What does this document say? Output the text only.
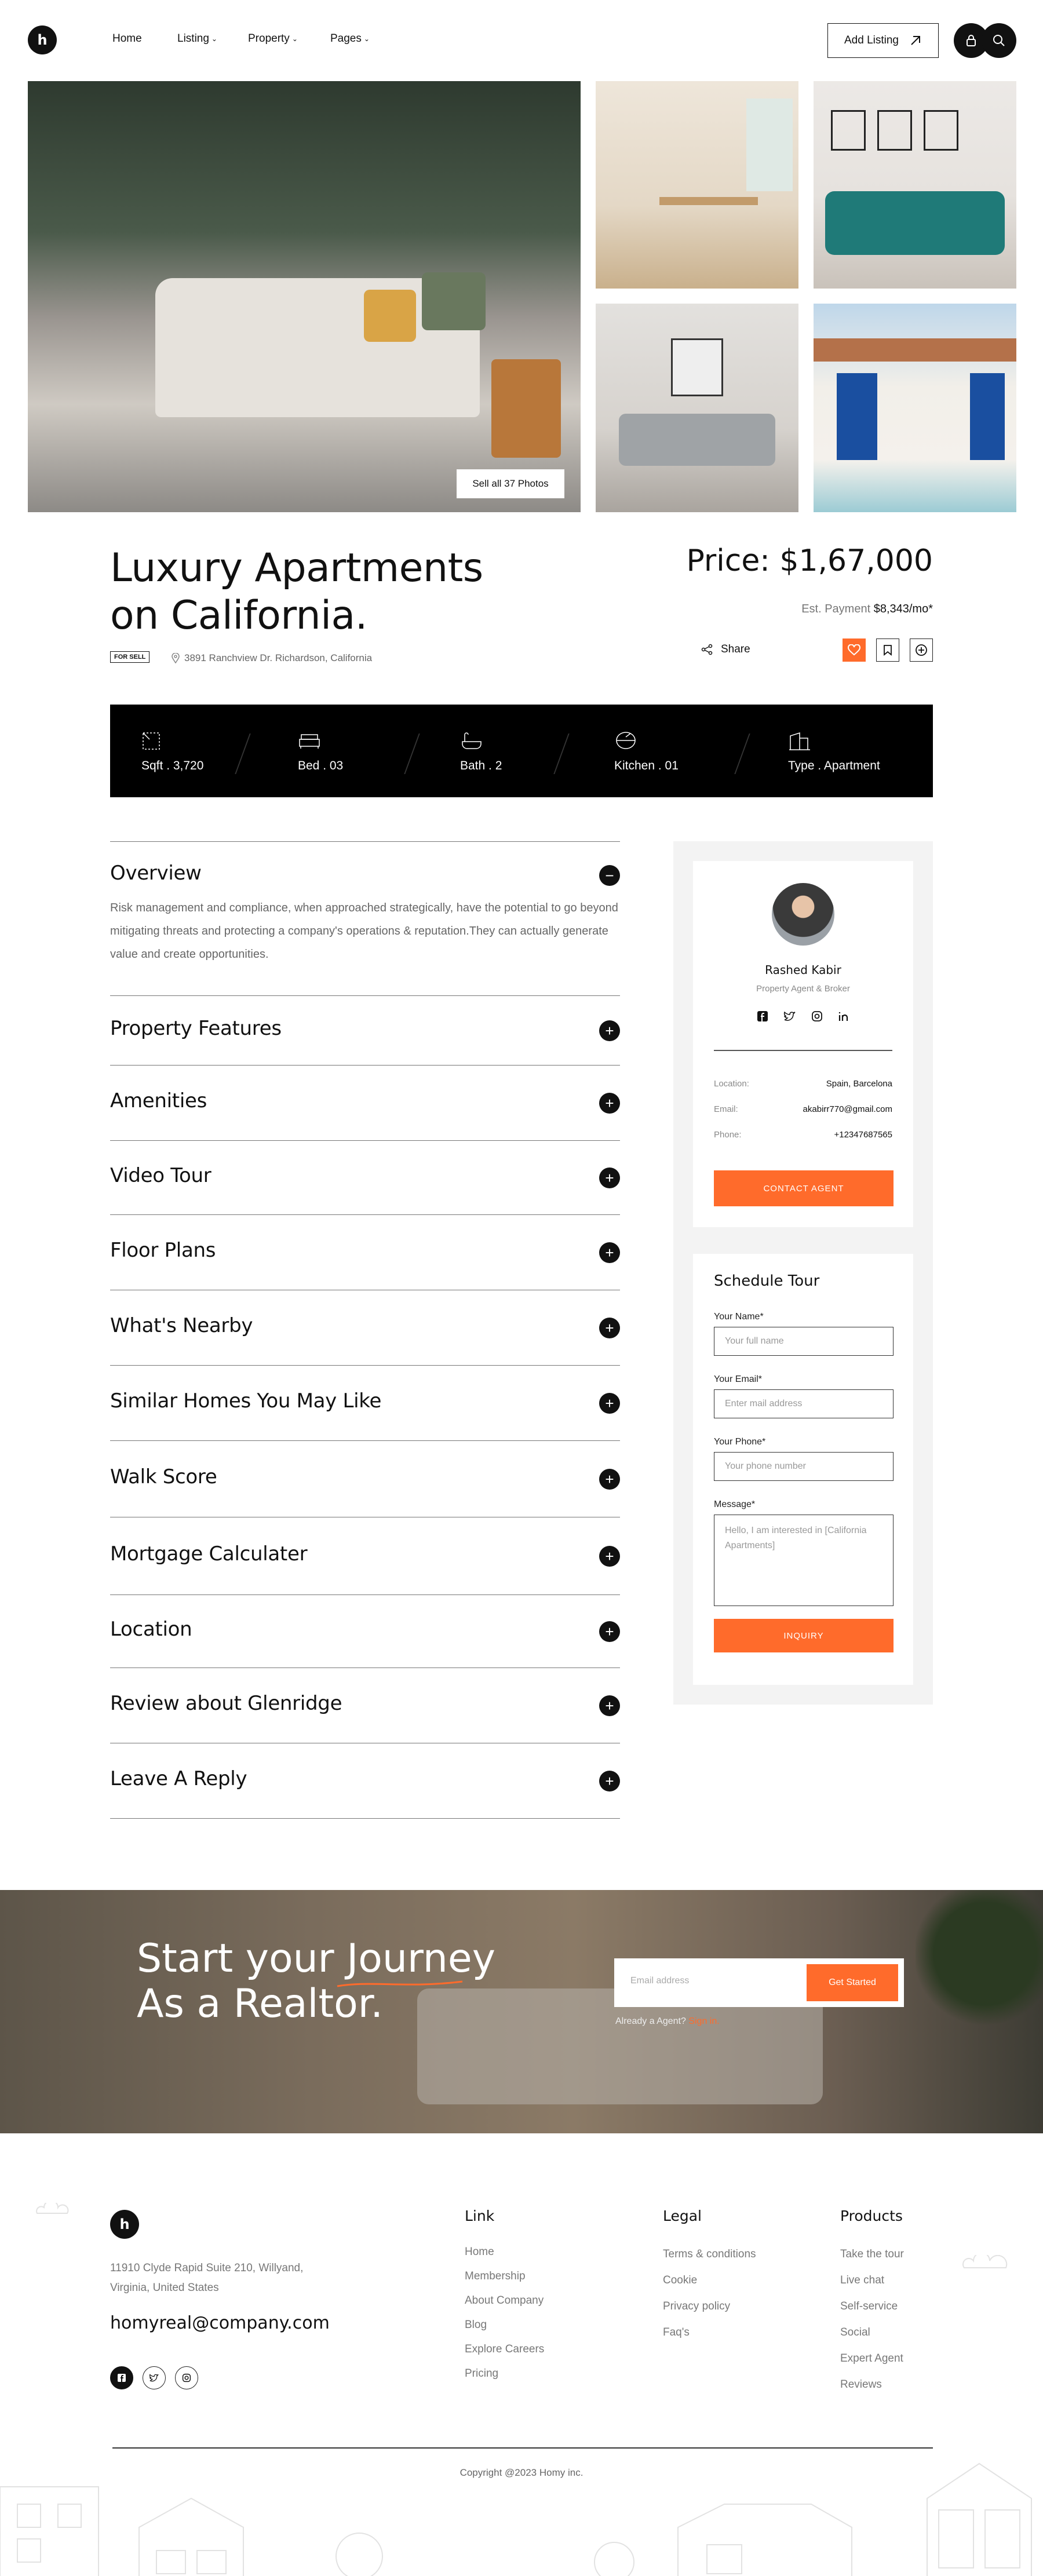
h	Home	Listing ⌄	Property ⌄	Pages ⌄	Add Listing
Sell all 37 Photos
Luxury Apartments
on California.
FOR SELL	3891 Ranchview Dr. Richardson, California
Price: $1,67,000
Est. Payment $8,343/mo*
Share
Sqft . 3,720	Bed . 03	Bath . 2	Kitchen . 01	Type . Apartment
Overview	−
Risk management and compliance, when approached strategically, have the potential to go beyond mitigating threats and protecting a company's operations & reputation.They can actually generate value and create opportunities.
Property Features	+
Amenities	+
Video Tour	+
Floor Plans	+
What's Nearby	+
Similar Homes You May Like	+
Walk Score	+
Mortgage Calculater	+
Location	+
Review about Glenridge	+
Leave A Reply	+
Rashed Kabir
Property Agent & Broker
Location:	Spain, Barcelona
Email:	akabirr770@gmail.com
Phone:	+12347687565
CONTACT AGENT
Schedule Tour
Your Name*
Your full name
Your Email*
Enter mail address
Your Phone*
Your phone number
Message*
Hello, I am interested in [California Apartments]
INQUIRY
Start your Journey
As a Realtor.
Email address	Get Started
Already a Agent? Sign in.
h
11910 Clyde Rapid Suite 210, Willyand,
Virginia, United States
homyreal@company.com
Link
Home
Membership
About Company
Blog
Explore Careers
Pricing
Legal
Terms & conditions
Cookie
Privacy policy
Faq's
Products
Take the tour
Live chat
Self-service
Social
Expert Agent
Reviews
Copyright @2023 Homy inc.
